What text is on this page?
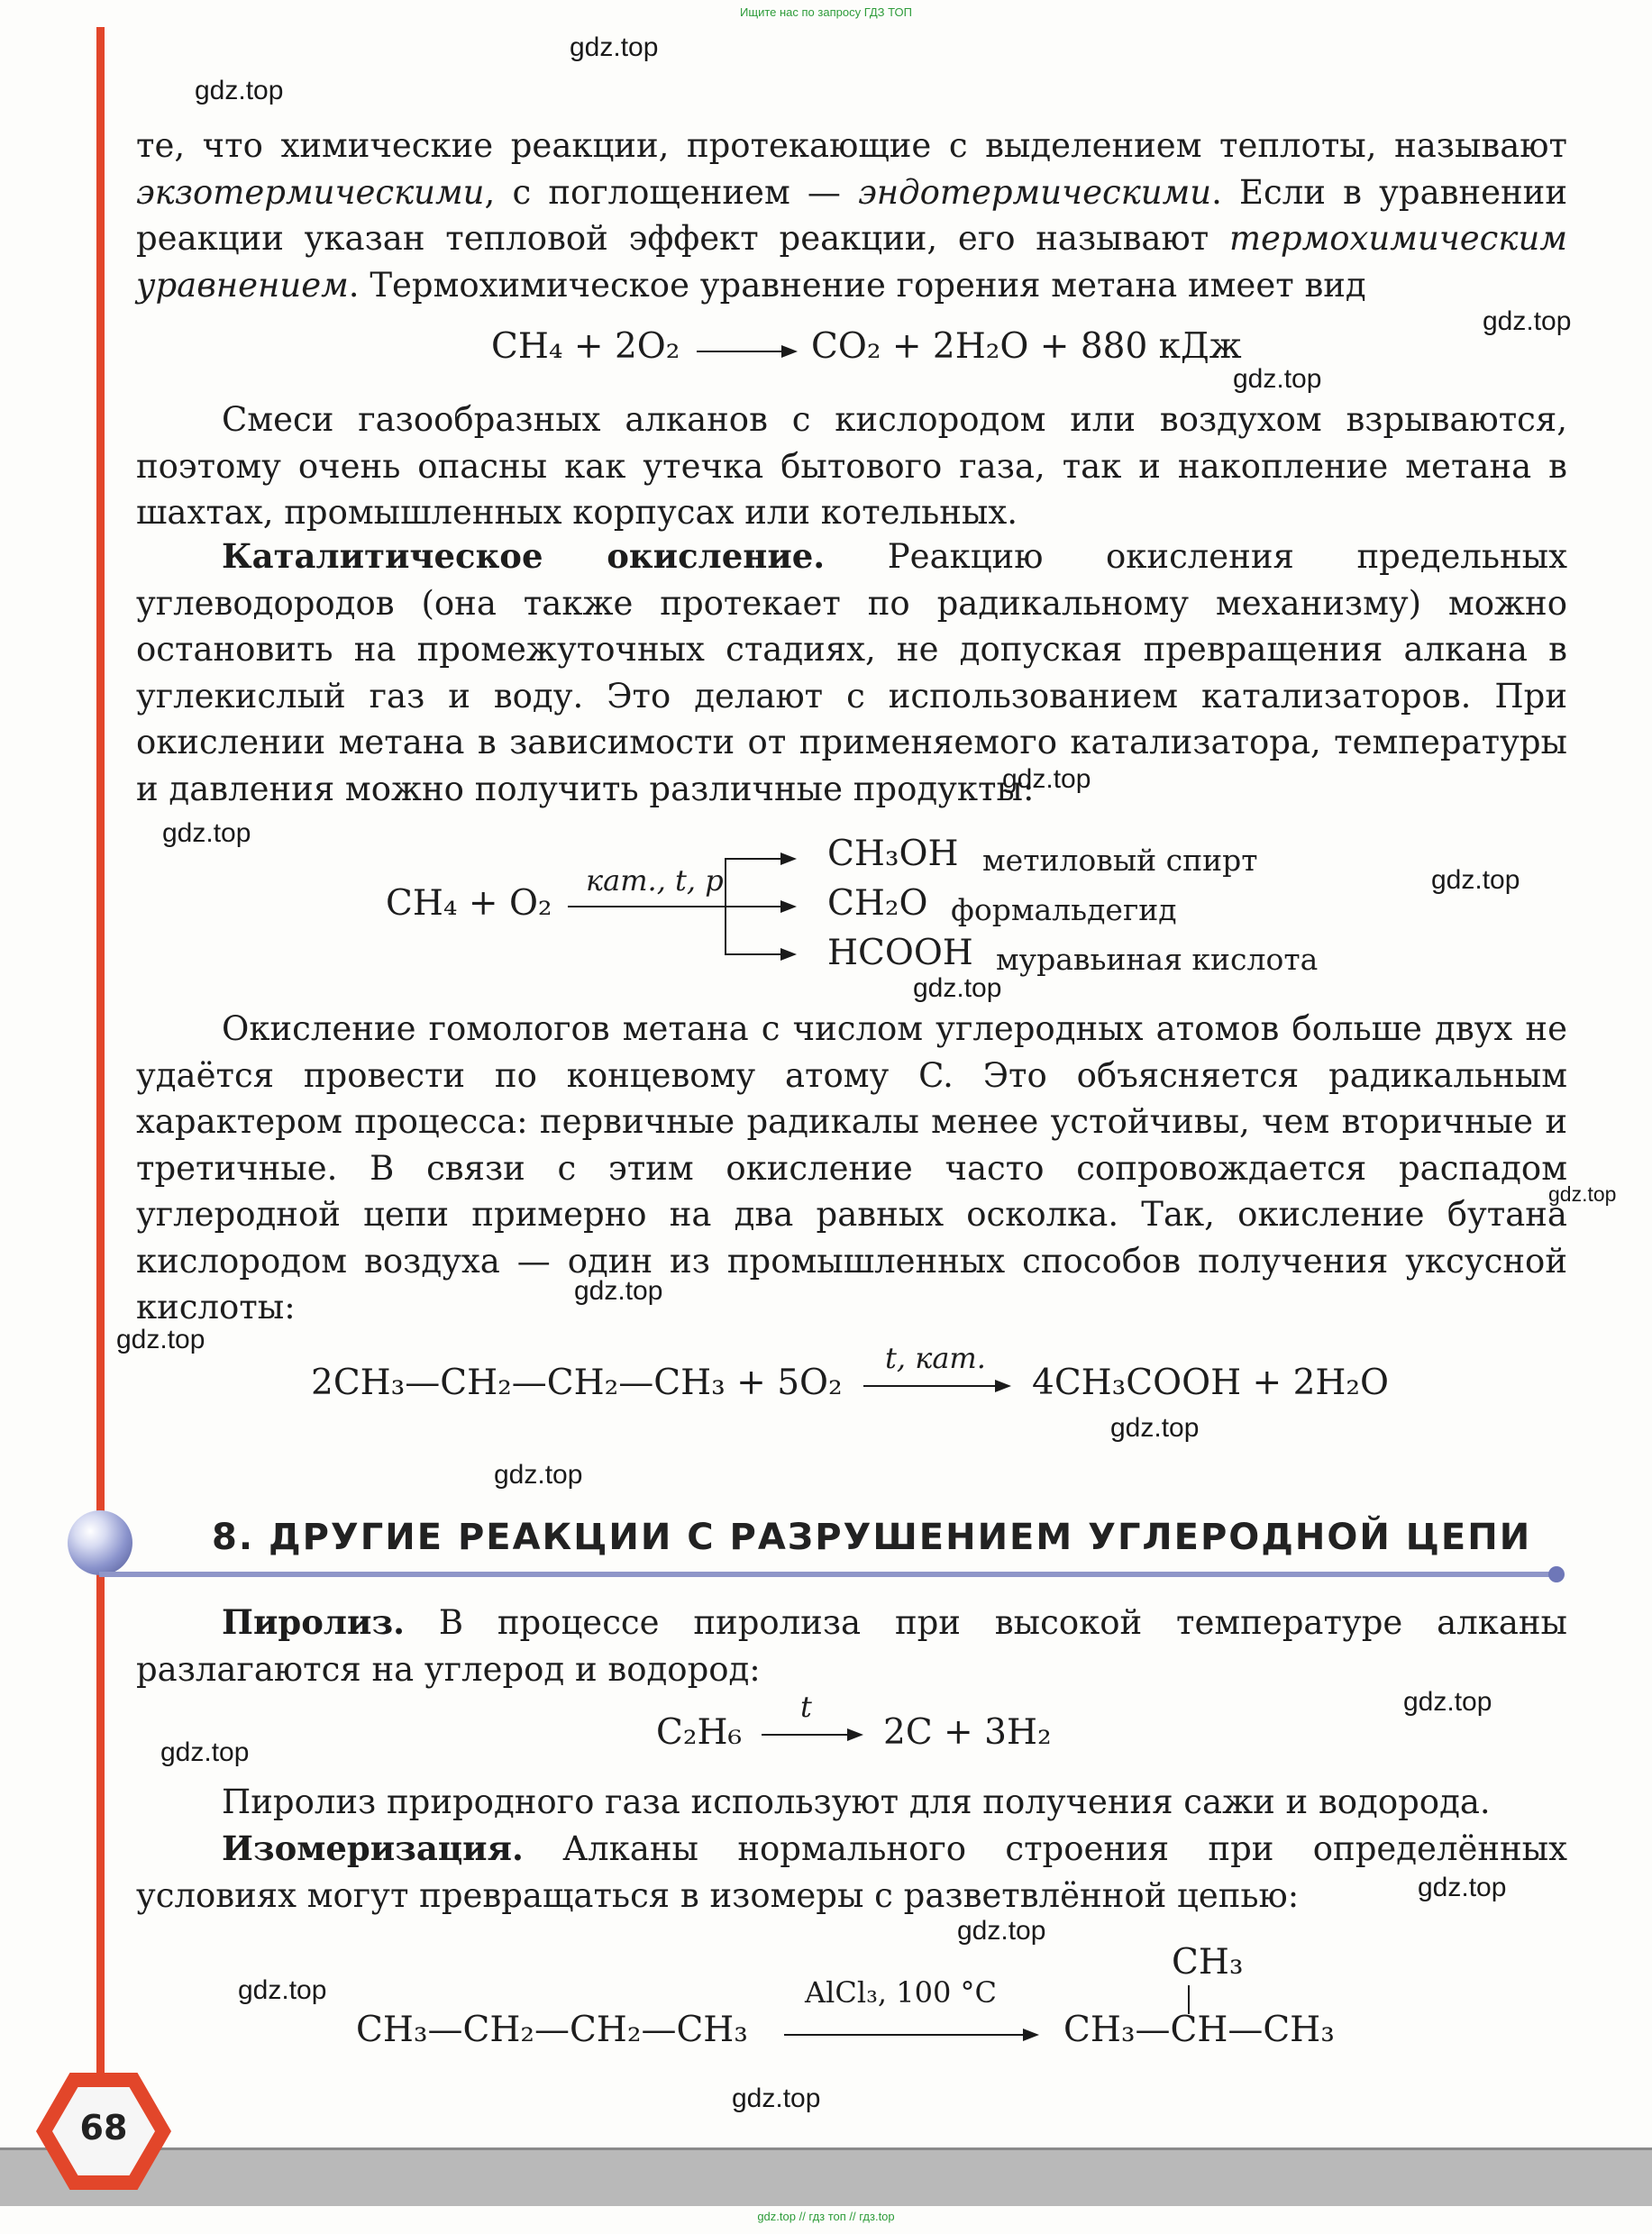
Ищите нас по запросу ГДЗ ТОП

те, что химические реакции, протекающие с выделением теплоты, называют экзотермическими, с поглощением — эндотермическими. Если в уравнении реакции указан тепловой эффект реакции, его называют термохимическим уравнением. Термохимическое уравнение горения метана имеет вид

CH₄ + 2O₂	CO₂ + 2H₂O + 880 кДж

Смеси газообразных алканов с кислородом или воздухом взрываются, поэтому очень опасны как утечка бытового газа, так и накопление метана в шахтах, промышленных корпусах или котельных.

Каталитическое окисление. Реакцию окисления предельных углеводородов (она также протекает по радикальному механизму) можно остановить на промежуточных стадиях, не допуская превращения алкана в углекислый газ и воду. Это делают с использованием катализаторов. При окислении метана в зависимости от применяемого катализатора, температуры и давления можно получить различные продукты:

CH₄ + O₂
кат., t, p
CH₃OH метиловый спирт
CH₂O формальдегид
HCOOH муравьиная кислота

Окисление гомологов метана с числом углеродных атомов больше двух не удаётся провести по концевому атому C. Это объясняется радикальным характером процесса: первичные радикалы менее устойчивы, чем вторичные и третичные. В связи с этим окисление часто сопровождается распадом углеродной цепи примерно на два равных осколка. Так, окисление бутана кислородом воздуха — один из промышленных способов получения уксусной кислоты:

2CH₃—CH₂—CH₂—CH₃ + 5O₂
t, кат.
4CH₃COOH + 2H₂O
8. ДРУГИЕ РЕАКЦИИ С РАЗРУШЕНИЕМ УГЛЕРОДНОЙ ЦЕПИ

Пиролиз. В процессе пиролиза при высокой температуре алканы разлагаются на углерод и водород:

C₂H₆
t
2C + 3H₂

Пиролиз природного газа используют для получения сажи и водорода.

Изомеризация. Алканы нормального строения при определённых условиях могут превращаться в изомеры с разветвлённой цепью:

CH₃—CH₂—CH₂—CH₃
AlCl₃, 100 °C
CH₃
CH₃—CH—CH₃
gdz.top
gdz.top
gdz.top
gdz.top
gdz.top
gdz.top
gdz.top
gdz.top
gdz.top
gdz.top
gdz.top
gdz.top
gdz.top
gdz.top
gdz.top
gdz.top
gdz.top
gdz.top
gdz.top
68
gdz.top // гдз топ // гдз.top
